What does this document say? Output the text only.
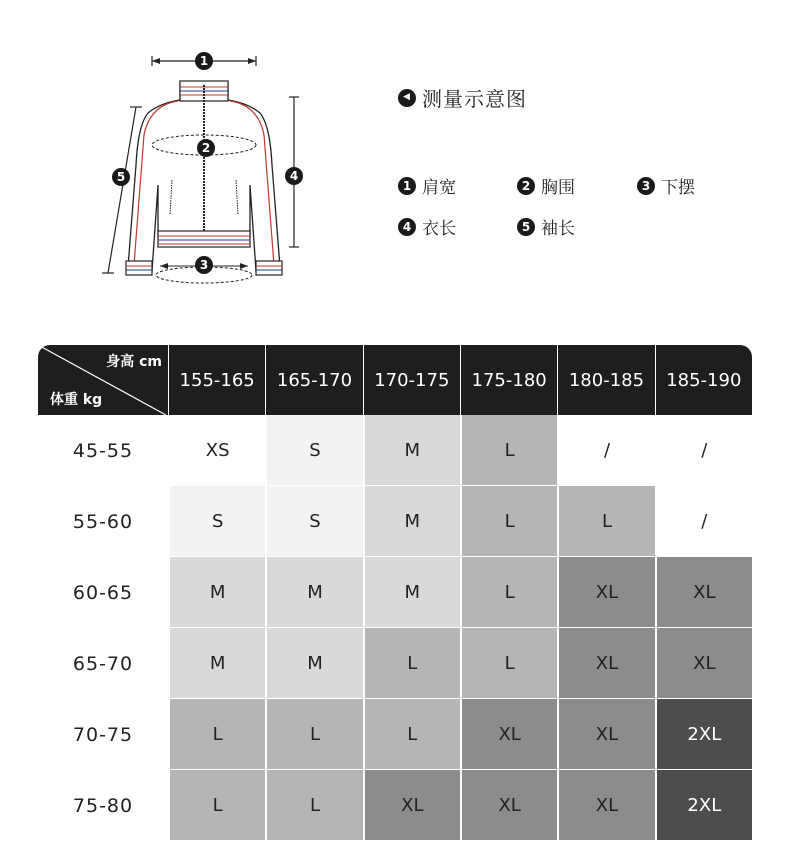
1
2
3
4
5
◀ 测量示意图
1 肩宽	2 胸围	3 下摆
4 衣长	5 袖长
身高 cm
体重 kg	155-165	165-170	170-175	175-180	180-185	185-190
45-55	XS	S	M	L	/	/
55-60	S	S	M	L	L	/
60-65	M	M	M	L	XL	XL
65-70	M	M	L	L	XL	XL
70-75	L	L	L	XL	XL	2XL
75-80	L	L	XL	XL	XL	2XL
